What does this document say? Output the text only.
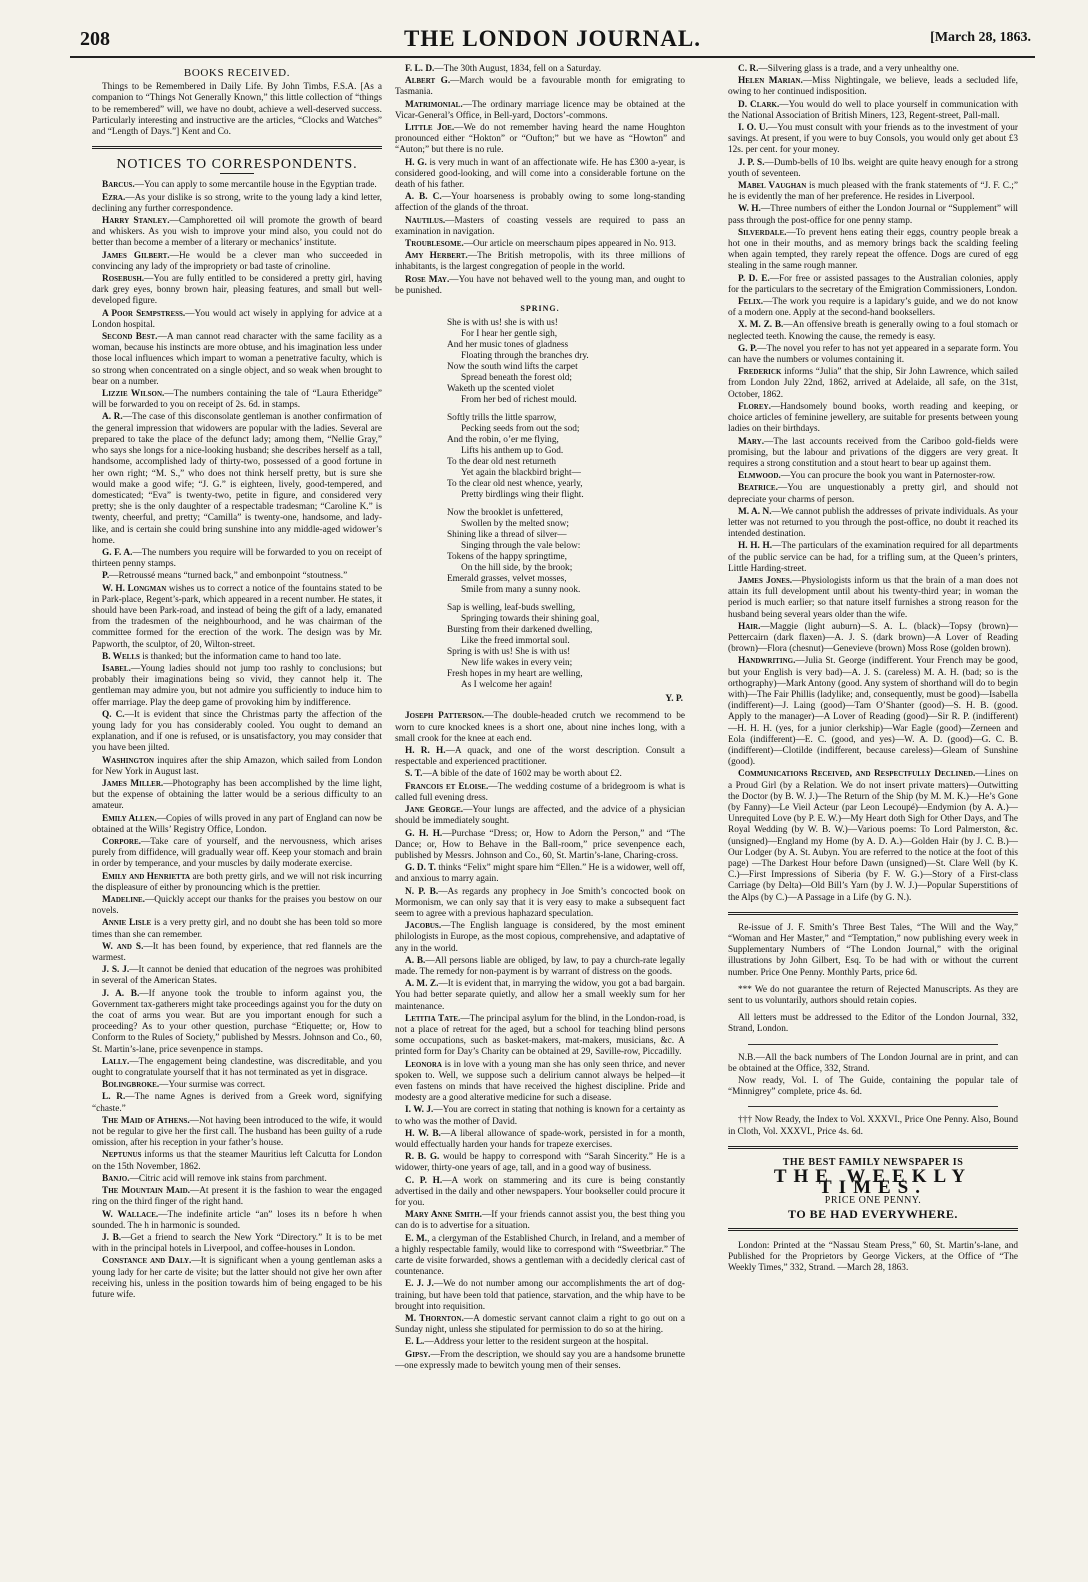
208	THE LONDON JOURNAL.	[March 28, 1863.
BOOKS RECEIVED.

Things to be Remembered in Daily Life. By John Timbs, F.S.A. [As a companion to “Things Not Generally Known,” this little collection of “things to be remembered” will, we have no doubt, achieve a well-deserved success. Particularly interesting and instructive are the articles, “Clocks and Watches” and “Length of Days.”] Kent and Co.

NOTICES TO CORRESPONDENTS.

Barcus.—You can apply to some mercantile house in the Egyptian trade.

Ezra.—As your dislike is so strong, write to the young lady a kind letter, declining any further correspondence.

Harry Stanley.—Camphoretted oil will promote the growth of beard and whiskers. As you wish to improve your mind also, you could not do better than become a member of a literary or mechanics’ institute.

James Gilbert.—He would be a clever man who succeeded in convincing any lady of the impropriety or bad taste of crinoline.

Rosebush.—You are fully entitled to be considered a pretty girl, having dark grey eyes, bonny brown hair, pleasing features, and small but well-developed figure.

A Poor Sempstress.—You would act wisely in applying for advice at a London hospital.

Second Best.—A man cannot read character with the same facility as a woman, because his instincts are more obtuse, and his imagination less under those local influences which impart to woman a penetrative faculty, which is so strong when concentrated on a single object, and so weak when brought to bear on a number.

Lizzie Wilson.—The numbers containing the tale of “Laura Etheridge” will be forwarded to you on receipt of 2s. 6d. in stamps.

A. R.—The case of this disconsolate gentleman is another confirmation of the general impression that widowers are popular with the ladies. Several are prepared to take the place of the defunct lady; among them, “Nellie Gray,” who says she longs for a nice-looking husband; she describes herself as a tall, handsome, accomplished lady of thirty-two, possessed of a good fortune in her own right; “M. S.,” who does not think herself pretty, but is sure she would make a good wife; “J. G.” is eighteen, lively, good-tempered, and domesticated; “Eva” is twenty-two, petite in figure, and considered very pretty; she is the only daughter of a respectable tradesman; “Caroline K.” is twenty, cheerful, and pretty; “Camilla” is twenty-one, handsome, and lady-like, and is certain she could bring sunshine into any middle-aged widower’s home.

G. F. A.—The numbers you require will be forwarded to you on receipt of thirteen penny stamps.

P.—Retroussé means “turned back,” and embonpoint “stoutness.”

W. H. Longman wishes us to correct a notice of the fountains stated to be in Park-place, Regent’s-park, which appeared in a recent number. He states, it should have been Park-road, and instead of being the gift of a lady, emanated from the tradesmen of the neighbourhood, and he was chairman of the committee formed for the erection of the work. The design was by Mr. Papworth, the sculptor, of 20, Wilton-street.

B. Wells is thanked; but the information came to hand too late.

Isabel.—Young ladies should not jump too rashly to conclusions; but probably their imaginations being so vivid, they cannot help it. The gentleman may admire you, but not admire you sufficiently to induce him to offer marriage. Play the deep game of provoking him by indifference.

Q. C.—It is evident that since the Christmas party the affection of the young lady for you has considerably cooled. You ought to demand an explanation, and if one is refused, or is unsatisfactory, you may consider that you have been jilted.

Washington inquires after the ship Amazon, which sailed from London for New York in August last.

James Miller.—Photography has been accomplished by the lime light, but the expense of obtaining the latter would be a serious difficulty to an amateur.

Emily Allen.—Copies of wills proved in any part of England can now be obtained at the Wills’ Registry Office, London.

Corpore.—Take care of yourself, and the nervousness, which arises purely from diffidence, will gradually wear off. Keep your stomach and brain in order by temperance, and your muscles by daily moderate exercise.

Emily and Henrietta are both pretty girls, and we will not risk incurring the displeasure of either by pronouncing which is the prettier.

Madeline.—Quickly accept our thanks for the praises you bestow on our novels.

Annie Lisle is a very pretty girl, and no doubt she has been told so more times than she can remember.

W. and S.—It has been found, by experience, that red flannels are the warmest.

J. S. J.—It cannot be denied that education of the negroes was prohibited in several of the American States.

J. A. B.—If anyone took the trouble to inform against you, the Government tax-gatherers might take proceedings against you for the duty on the coat of arms you wear. But are you important enough for such a proceeding? As to your other question, purchase “Etiquette; or, How to Conform to the Rules of Society,” published by Messrs. Johnson and Co., 60, St. Martin’s-lane, price sevenpence in stamps.

Lally.—The engagement being clandestine, was discreditable, and you ought to congratulate yourself that it has not terminated as yet in disgrace.

Bolingbroke.—Your surmise was correct.

L. R.—The name Agnes is derived from a Greek word, signifying “chaste.”

The Maid of Athens.—Not having been introduced to the wife, it would not be regular to give her the first call. The husband has been guilty of a rude omission, after his reception in your father’s house.

Neptunus informs us that the steamer Mauritius left Calcutta for London on the 15th November, 1862.

Banjo.—Citric acid will remove ink stains from parchment.

The Mountain Maid.—At present it is the fashion to wear the engaged ring on the third finger of the right hand.

W. Wallace.—The indefinite article “an” loses its n before h when sounded. The h in harmonic is sounded.

J. B.—Get a friend to search the New York “Directory.” It is to be met with in the principal hotels in Liverpool, and coffee-houses in London.

Constance and Daly.—It is significant when a young gentleman asks a young lady for her carte de visite; but the latter should not give her own after receiving his, unless in the position towards him of being engaged to be his future wife.

F. L. D.—The 30th August, 1834, fell on a Saturday.

Albert G.—March would be a favourable month for emigrating to Tasmania.

Matrimonial.—The ordinary marriage licence may be obtained at the Vicar-General’s Office, in Bell-yard, Doctors’-commons.

Little Joe.—We do not remember having heard the name Houghton pronounced either “Hokton” or “Oufton;” but we have as “Howton” and “Auton;” but there is no rule.

H. G. is very much in want of an affectionate wife. He has £300 a-year, is considered good-looking, and will come into a considerable fortune on the death of his father.

A. B. C.—Your hoarseness is probably owing to some long-standing affection of the glands of the throat.

Nautilus.—Masters of coasting vessels are required to pass an examination in navigation.

Troublesome.—Our article on meerschaum pipes appeared in No. 913.

Amy Herbert.—The British metropolis, with its three millions of inhabitants, is the largest congregation of people in the world.

Rose May.—You have not behaved well to the young man, and ought to be punished.

SPRING.
She is with us! she is with us!
For I hear her gentle sigh,
And her music tones of gladness
Floating through the branches dry.
Now the south wind lifts the carpet
Spread beneath the forest old;
Waketh up the scented violet
From her bed of richest mould.
Softly trills the little sparrow,
Pecking seeds from out the sod;
And the robin, o’er me flying,
Lifts his anthem up to God.
To the dear old nest returneth
Yet again the blackbird bright—
To the clear old nest whence, yearly,
Pretty birdlings wing their flight.
Now the brooklet is unfettered,
Swollen by the melted snow;
Shining like a thread of silver—
Singing through the vale below:
Tokens of the happy springtime,
On the hill side, by the brook;
Emerald grasses, velvet mosses,
Smile from many a sunny nook.
Sap is welling, leaf-buds swelling,
Springing towards their shining goal,
Bursting from their darkened dwelling,
Like the freed immortal soul.
Spring is with us! She is with us!
New life wakes in every vein;
Fresh hopes in my heart are welling,
As I welcome her again!
Y. P.

Joseph Patterson.—The double-headed crutch we recommend to be worn to cure knocked knees is a short one, about nine inches long, with a small crook for the knee at each end.

H. R. H.—A quack, and one of the worst description. Consult a respectable and experienced practitioner.

S. T.—A bible of the date of 1602 may be worth about £2.

Francois et Eloise.—The wedding costume of a bridegroom is what is called full evening dress.

Jane George.—Your lungs are affected, and the advice of a physician should be immediately sought.

G. H. H.—Purchase “Dress; or, How to Adorn the Person,” and “The Dance; or, How to Behave in the Ball-room,” price sevenpence each, published by Messrs. Johnson and Co., 60, St. Martin’s-lane, Charing-cross.

G. D. T. thinks “Felix” might spare him “Ellen.” He is a widower, well off, and anxious to marry again.

N. P. B.—As regards any prophecy in Joe Smith’s concocted book on Mormonism, we can only say that it is very easy to make a subsequent fact seem to agree with a previous haphazard speculation.

Jacobus.—The English language is considered, by the most eminent philologists in Europe, as the most copious, comprehensive, and adaptative of any in the world.

A. B.—All persons liable are obliged, by law, to pay a church-rate legally made. The remedy for non-payment is by warrant of distress on the goods.

A. M. Z.—It is evident that, in marrying the widow, you got a bad bargain. You had better separate quietly, and allow her a small weekly sum for her maintenance.

Letitia Tate.—The principal asylum for the blind, in the London-road, is not a place of retreat for the aged, but a school for teaching blind persons some occupations, such as basket-makers, mat-makers, musicians, &c. A printed form for Day’s Charity can be obtained at 29, Saville-row, Piccadilly.

Leonora is in love with a young man she has only seen thrice, and never spoken to. Well, we suppose such a delirium cannot always be helped—it even fastens on minds that have received the highest discipline. Pride and modesty are a good alterative medicine for such a disease.

I. W. J.—You are correct in stating that nothing is known for a certainty as to who was the mother of David.

H. W. B.—A liberal allowance of spade-work, persisted in for a month, would effectually harden your hands for trapeze exercises.

R. B. G. would be happy to correspond with “Sarah Sincerity.” He is a widower, thirty-one years of age, tall, and in a good way of business.

C. P. H.—A work on stammering and its cure is being constantly advertised in the daily and other newspapers. Your bookseller could procure it for you.

Mary Anne Smith.—If your friends cannot assist you, the best thing you can do is to advertise for a situation.

E. M., a clergyman of the Established Church, in Ireland, and a member of a highly respectable family, would like to correspond with “Sweetbriar.” The carte de visite forwarded, shows a gentleman with a decidedly clerical cast of countenance.

E. J. J.—We do not number among our accomplishments the art of dog-training, but have been told that patience, starvation, and the whip have to be brought into requisition.

M. Thornton.—A domestic servant cannot claim a right to go out on a Sunday night, unless she stipulated for permission to do so at the hiring.

E. L.—Address your letter to the resident surgeon at the hospital.

Gipsy.—From the description, we should say you are a handsome brunette—one expressly made to bewitch young men of their senses.

C. R.—Silvering glass is a trade, and a very unhealthy one.

Helen Marian.—Miss Nightingale, we believe, leads a secluded life, owing to her continued indisposition.

D. Clark.—You would do well to place yourself in communication with the National Association of British Miners, 123, Regent-street, Pall-mall.

I. O. U.—You must consult with your friends as to the investment of your savings. At present, if you were to buy Consols, you would only get about £3 12s. per cent. for your money.

J. P. S.—Dumb-bells of 10 lbs. weight are quite heavy enough for a strong youth of seventeen.

Mabel Vaughan is much pleased with the frank statements of “J. F. C.;” he is evidently the man of her preference. He resides in Liverpool.

W. H.—Three numbers of either the London Journal or “Supplement” will pass through the post-office for one penny stamp.

Silverdale.—To prevent hens eating their eggs, country people break a hot one in their mouths, and as memory brings back the scalding feeling when again tempted, they rarely repeat the offence. Dogs are cured of egg stealing in the same rough manner.

P. D. E.—For free or assisted passages to the Australian colonies, apply for the particulars to the secretary of the Emigration Commissioners, London.

Felix.—The work you require is a lapidary’s guide, and we do not know of a modern one. Apply at the second-hand booksellers.

X. M. Z. B.—An offensive breath is generally owing to a foul stomach or neglected teeth. Knowing the cause, the remedy is easy.

G. P.—The novel you refer to has not yet appeared in a separate form. You can have the numbers or volumes containing it.

Frederick informs “Julia” that the ship, Sir John Lawrence, which sailed from London July 22nd, 1862, arrived at Adelaide, all safe, on the 31st, October, 1862.

Florey.—Handsomely bound books, worth reading and keeping, or choice articles of feminine jewellery, are suitable for presents between young ladies on their birthdays.

Mary.—The last accounts received from the Cariboo gold-fields were promising, but the labour and privations of the diggers are very great. It requires a strong constitution and a stout heart to bear up against them.

Elmwood.—You can procure the book you want in Paternoster-row.

Beatrice.—You are unquestionably a pretty girl, and should not depreciate your charms of person.

M. A. N.—We cannot publish the addresses of private individuals. As your letter was not returned to you through the post-office, no doubt it reached its intended destination.

H. H. H.—The particulars of the examination required for all departments of the public service can be had, for a trifling sum, at the Queen’s printers, Little Harding-street.

James Jones.—Physiologists inform us that the brain of a man does not attain its full development until about his twenty-third year; in woman the period is much earlier; so that nature itself furnishes a strong reason for the husband being several years older than the wife.

Hair.—Maggie (light auburn)—S. A. L. (black)—Topsy (brown)—Pettercairn (dark flaxen)—A. J. S. (dark brown)—A Lover of Reading (brown)—Flora (chesnut)—Genevieve (brown) Moss Rose (golden brown).

Handwriting.—Julia St. George (indifferent. Your French may be good, but your English is very bad)—A. J. S. (careless) M. A. H. (bad; so is the orthography)—Mark Antony (good. Any system of shorthand will do to begin with)—The Fair Phillis (ladylike; and, consequently, must be good)—Isabella (indifferent)—J. Laing (good)—Tam O’Shanter (good)—S. H. B. (good. Apply to the manager)—A Lover of Reading (good)—Sir R. P. (indifferent)—H. H. H. (yes, for a junior clerkship)—War Eagle (good)—Zerneen and Eola (indifferent)—E. C. (good, and yes)—W. A. D. (good)—G. C. B. (indifferent)—Clotilde (indifferent, because careless)—Gleam of Sunshine (good).

Communications Received, and Respectfully Declined.—Lines on a Proud Girl (by a Relation. We do not insert private matters)—Outwitting the Doctor (by B. W. J.)—The Return of the Ship (by M. M. K.)—He’s Gone (by Fanny)—Le Vieil Acteur (par Leon Lecoupé)—Endymion (by A. A.)—Unrequited Love (by P. E. W.)—My Heart doth Sigh for Other Days, and The Royal Wedding (by W. B. W.)—Various poems: To Lord Palmerston, &c. (unsigned)—England my Home (by A. D. A.)—Golden Hair (by J. C. B.)—Our Lodger (by A. St. Aubyn. You are referred to the notice at the foot of this page) —The Darkest Hour before Dawn (unsigned)—St. Clare Well (by K. C.)—First Impressions of Siberia (by F. W. G.)—Story of a First-class Carriage (by Delta)—Old Bill’s Yarn (by J. W. J.)—Popular Superstitions of the Alps (by C.)—A Passage in a Life (by G. N.).

Re-issue of J. F. Smith’s Three Best Tales, “The Will and the Way,” “Woman and Her Master,” and “Temptation,” now publishing every week in Supplementary Numbers of “The London Journal,” with the original illustrations by John Gilbert, Esq. To be had with or without the current number. Price One Penny. Monthly Parts, price 6d.

*** We do not guarantee the return of Rejected Manuscripts. As they are sent to us voluntarily, authors should retain copies.

All letters must be addressed to the Editor of the London Journal, 332, Strand, London.

N.B.—All the back numbers of The London Journal are in print, and can be obtained at the Office, 332, Strand.

Now ready, Vol. I. of The Guide, containing the popular tale of “Minnigrey” complete, price 4s. 6d.

††† Now Ready, the Index to Vol. XXXVI., Price One Penny. Also, Bound in Cloth, Vol. XXXVI., Price 4s. 6d.

THE BEST FAMILY NEWSPAPER IS
THE WEEKLY TIMES.
PRICE ONE PENNY.
TO BE HAD EVERYWHERE.

London: Printed at the “Nassau Steam Press,” 60, St. Martin’s-lane, and Published for the Proprietors by George Vickers, at the Office of “The Weekly Times,” 332, Strand. —March 28, 1863.
